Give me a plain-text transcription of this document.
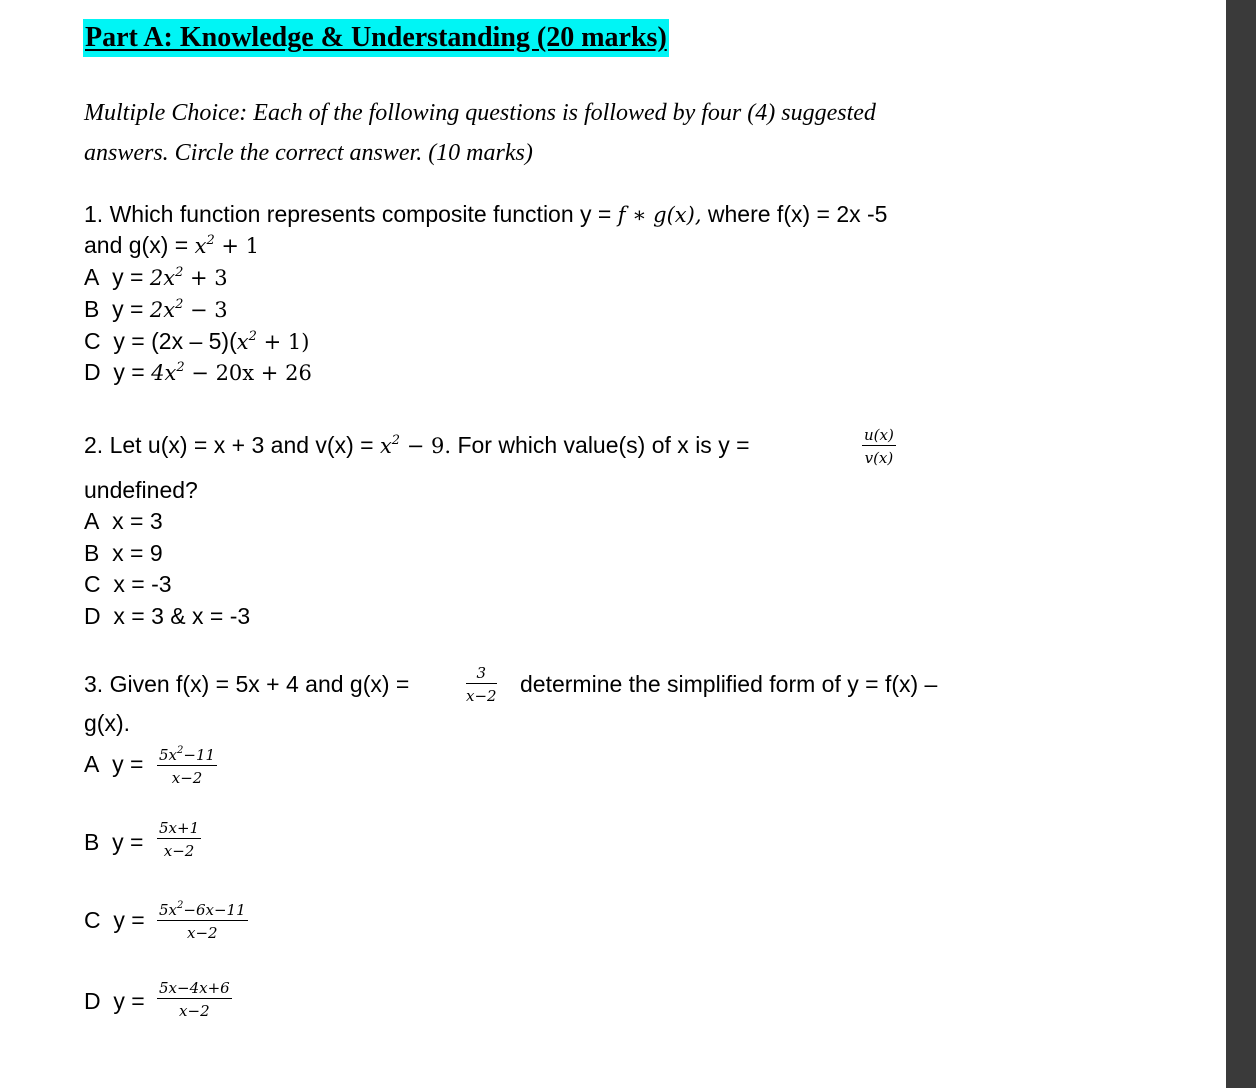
Part A: Knowledge & Understanding (20 marks)
Multiple Choice: Each of the following questions is followed by four (4) suggested
answers. Circle the correct answer. (10 marks)
1. Which function represents composite function y = f ∗ g(x), where f(x) = 2x -5
and $g(x) = x^2 + 1$
A $y = 2x^2 + 3$
B $y = 2x^2 - 3$
C $y = (2x - 5)(x^2 + 1)$
D $y = 4x^2 - 20x + 26$
2. Let u(x) = x + 3 and $v(x) = x^2 - 9$. For which value(s) of x is y =	$\frac{u(x)}{v(x)}$
undefined?
A x = 3
B x = 9
C x = -3
D x = 3 & x = -3
3. Given f(x) = 5x + 4 and g(x) =	$\frac{3}{x-2}$ determine the simplified form of y = f(x) –
g(x).
A $y = \frac{5x^2-11}{x-2}$
B $y = \frac{5x+1}{x-2}$
C $y = \frac{5x^2-6x-11}{x-2}$
D $y = \frac{5x-4x+6}{x-2}$
